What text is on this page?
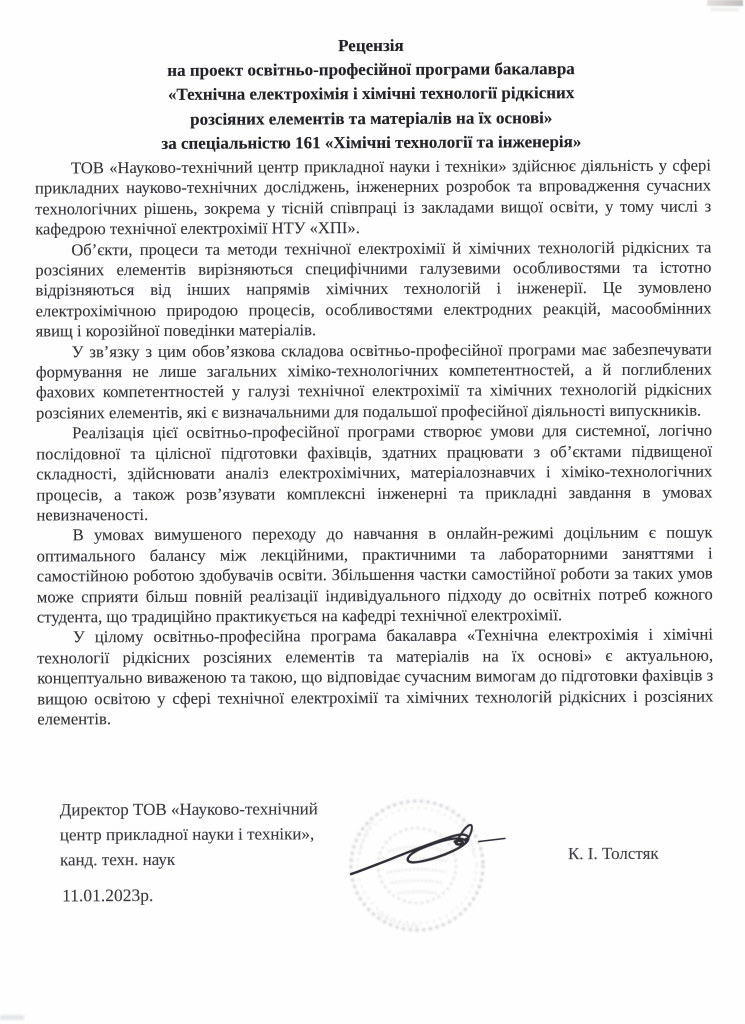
Рецензія
на проект освітньо-професійної програми бакалавра
«Технічна електрохімія і хімічні технології рідкісних
розсіяних елементів та матеріалів на їх основі»
за спеціальністю 161 «Хімічні технології та інженерія»

ТОВ «Науково-технічний центр прикладної науки і техніки» здійснює діяльність у сфері прикладних науково-технічних досліджень, інженерних розробок та впровадження сучасних технологічних рішень, зокрема у тісній співпраці із закладами вищої освіти, у тому числі з кафедрою технічної електрохімії НТУ «ХПІ».

Об’єкти, процеси та методи технічної електрохімії й хімічних технологій рідкісних та розсіяних елементів вирізняються специфічними галузевими особливостями та істотно відрізняються від інших напрямів хімічних технологій і інженерії. Це зумовлено електрохімічною природою процесів, особливостями електродних реакцій, масообмінних явищ і корозійної поведінки матеріалів.

У зв’язку з цим обов’язкова складова освітньо-професійної програми має забезпечувати формування не лише загальних хіміко-технологічних компетентностей, а й поглиблених фахових компетентностей у галузі технічної електрохімії та хімічних технологій рідкісних розсіяних елементів, які є визначальними для подальшої професійної діяльності випускників.

Реалізація цієї освітньо-професійної програми створює умови для системної, логічно послідовної та цілісної підготовки фахівців, здатних працювати з об’єктами підвищеної складності, здійснювати аналіз електрохімічних, матеріалознавчих і хіміко-технологічних процесів, а також розв’язувати комплексні інженерні та прикладні завдання в умовах невизначеності.

В умовах вимушеного переходу до навчання в онлайн-режимі доцільним є пошук оптимального балансу між лекційними, практичними та лабораторними заняттями і самостійною роботою здобувачів освіти. Збільшення частки самостійної роботи за таких умов може сприяти більш повній реалізації індивідуального підходу до освітніх потреб кожного студента, що традиційно практикується на кафедрі технічної електрохімії.

У цілому освітньо-професійна програма бакалавра «Технічна електрохімія і хімічні технології рідкісних розсіяних елементів та матеріалів на їх основі» є актуальною, концептуально виваженою та такою, що відповідає сучасним вимогам до підготовки фахівців з вищою освітою у сфері технічної електрохімії та хімічних технологій рідкісних і розсіяних елементів.

Директор ТОВ «Науково-технічний
центр прикладної науки і техніки»,
канд. техн. наук	К. І. Толстяк
11.01.2023р.
